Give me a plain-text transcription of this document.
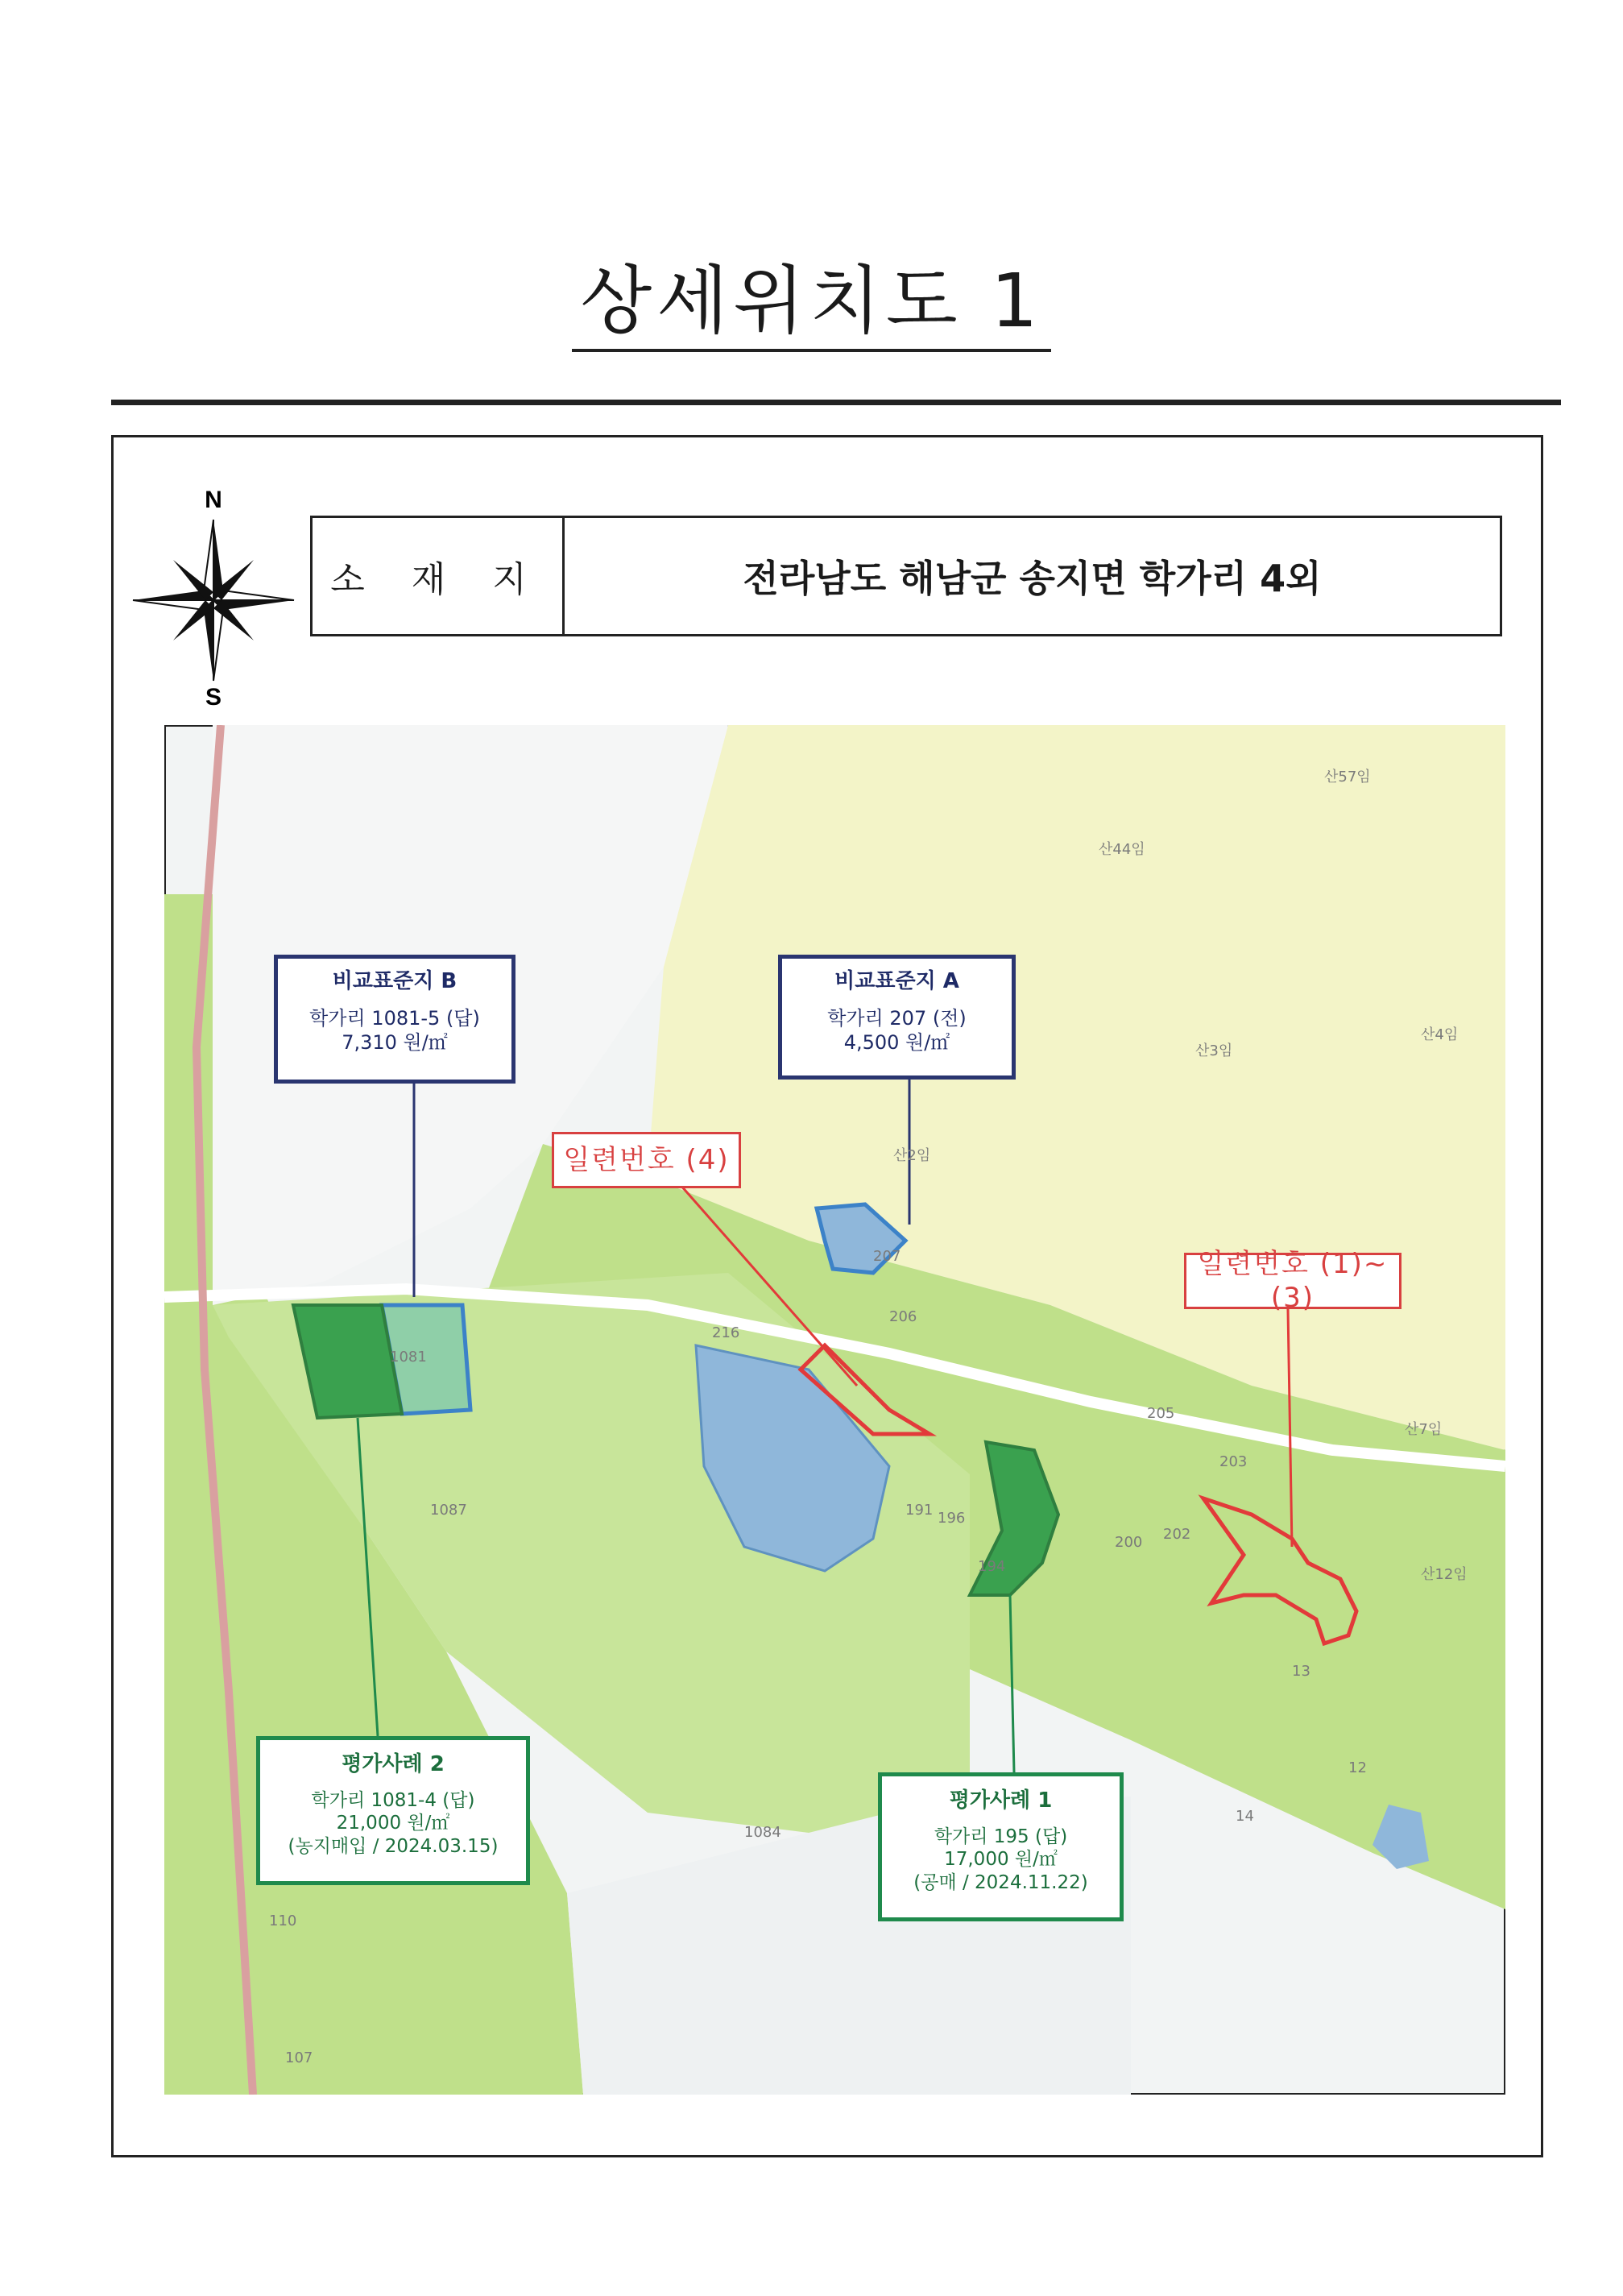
상세위치도 1
N
S
소 재 지	전라남도 해남군 송지면 학가리 4외
1087	196
200
191
194
1081
13
12
14
216
1084
110
107
207
산2임
산44임
산57임
산3임
산12임
산7임
산4임
202
205
206
203
비교표준지 B
학가리 1081-5 (답)
7,310 원/㎡
비교표준지 A
학가리 207 (전)
4,500 원/㎡
일련번호 (4)
일련번호 (1)~(3)
평가사례 2
학가리 1081-4 (답)
21,000 원/㎡
(농지매입 / 2024.03.15)
평가사례 1
학가리 195 (답)
17,000 원/㎡
(공매 / 2024.11.22)
